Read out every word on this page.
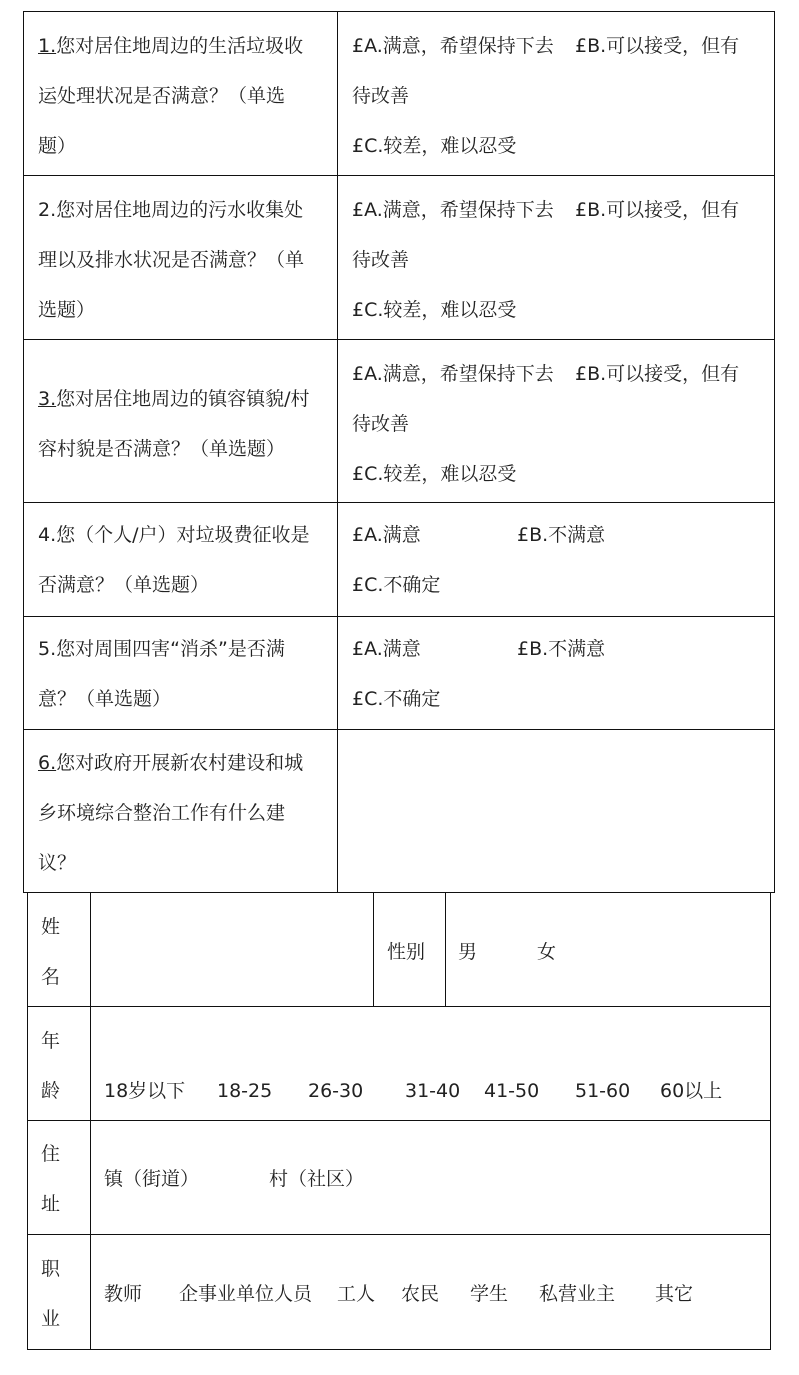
1.您对居住地周边的生活垃圾收
运处理状况是否满意？（单选
题）
£A.满意，希望保持下去 £B.可以接受，但有
待改善
£C.较差，难以忍受
2.您对居住地周边的污水收集处
理以及排水状况是否满意？（单
选题）
£A.满意，希望保持下去 £B.可以接受，但有
待改善
£C.较差，难以忍受
3.您对居住地周边的镇容镇貌/村
容村貌是否满意？（单选题）
£A.满意，希望保持下去 £B.可以接受，但有
待改善
£C.较差，难以忍受
4.您（个人/户）对垃圾费征收是
否满意？（单选题）
£A.满意	£B.不满意
£C.不确定
5.您对周围四害“消杀”是否满
意？（单选题）
£A.满意	£B.不满意
£C.不确定
6.您对政府开展新农村建设和城
乡环境综合整治工作有什么建
议？
姓
名
性别 男	女
年
龄 18岁以下 18-25 26-30 31-40 41-50 51-60 60以上
住
址
镇（街道）	村（社区）
职
业
教师 企事业单位人员 工人 农民 学生 私营业主 其它
